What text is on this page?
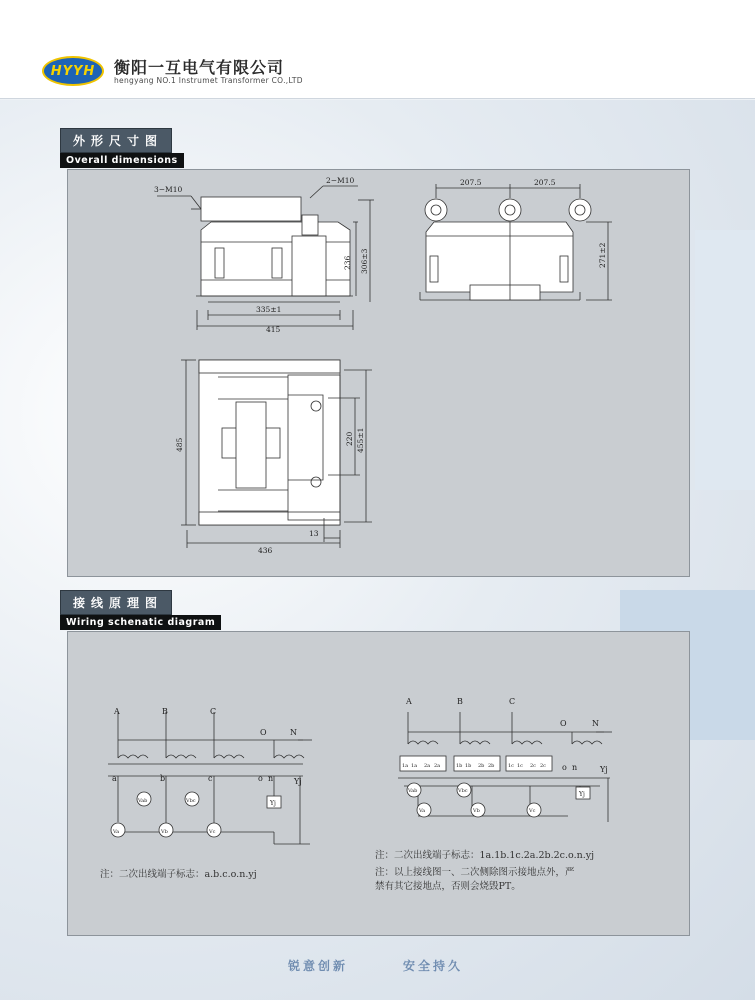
HYYH 衡阳一互电气有限公司
hengyang NO.1 Instrumet Transformer CO.,LTD
外形尺寸图
Overall dimensions
3−M10
2−M10
236 306±3
335±1
415
207.5	207.5
271±2
485	220 455±1
13
436
接线原理图
Wiring schenatic diagram
A	B	C
O	N
a	b	c	o n	Yj
Yj
Vab	Vbc
Va	Vb	Vc
A	B	C
O	N
1a 1a 2a 2a	1b 1b 2b 2b	1c 1c 2c 2c o n	Yj
Yj
Vab	Vbc
Va	Vb	Vc
注：二次出线端子标志：a.b.c.o.n.yj
注：二次出线端子标志：1a.1b.1c.2a.2b.2c.o.n.yj
注：以上接线图一、二次侧除图示接地点外，严
禁有其它接地点，否则会烧毁PT。
锐意创新	安全持久
